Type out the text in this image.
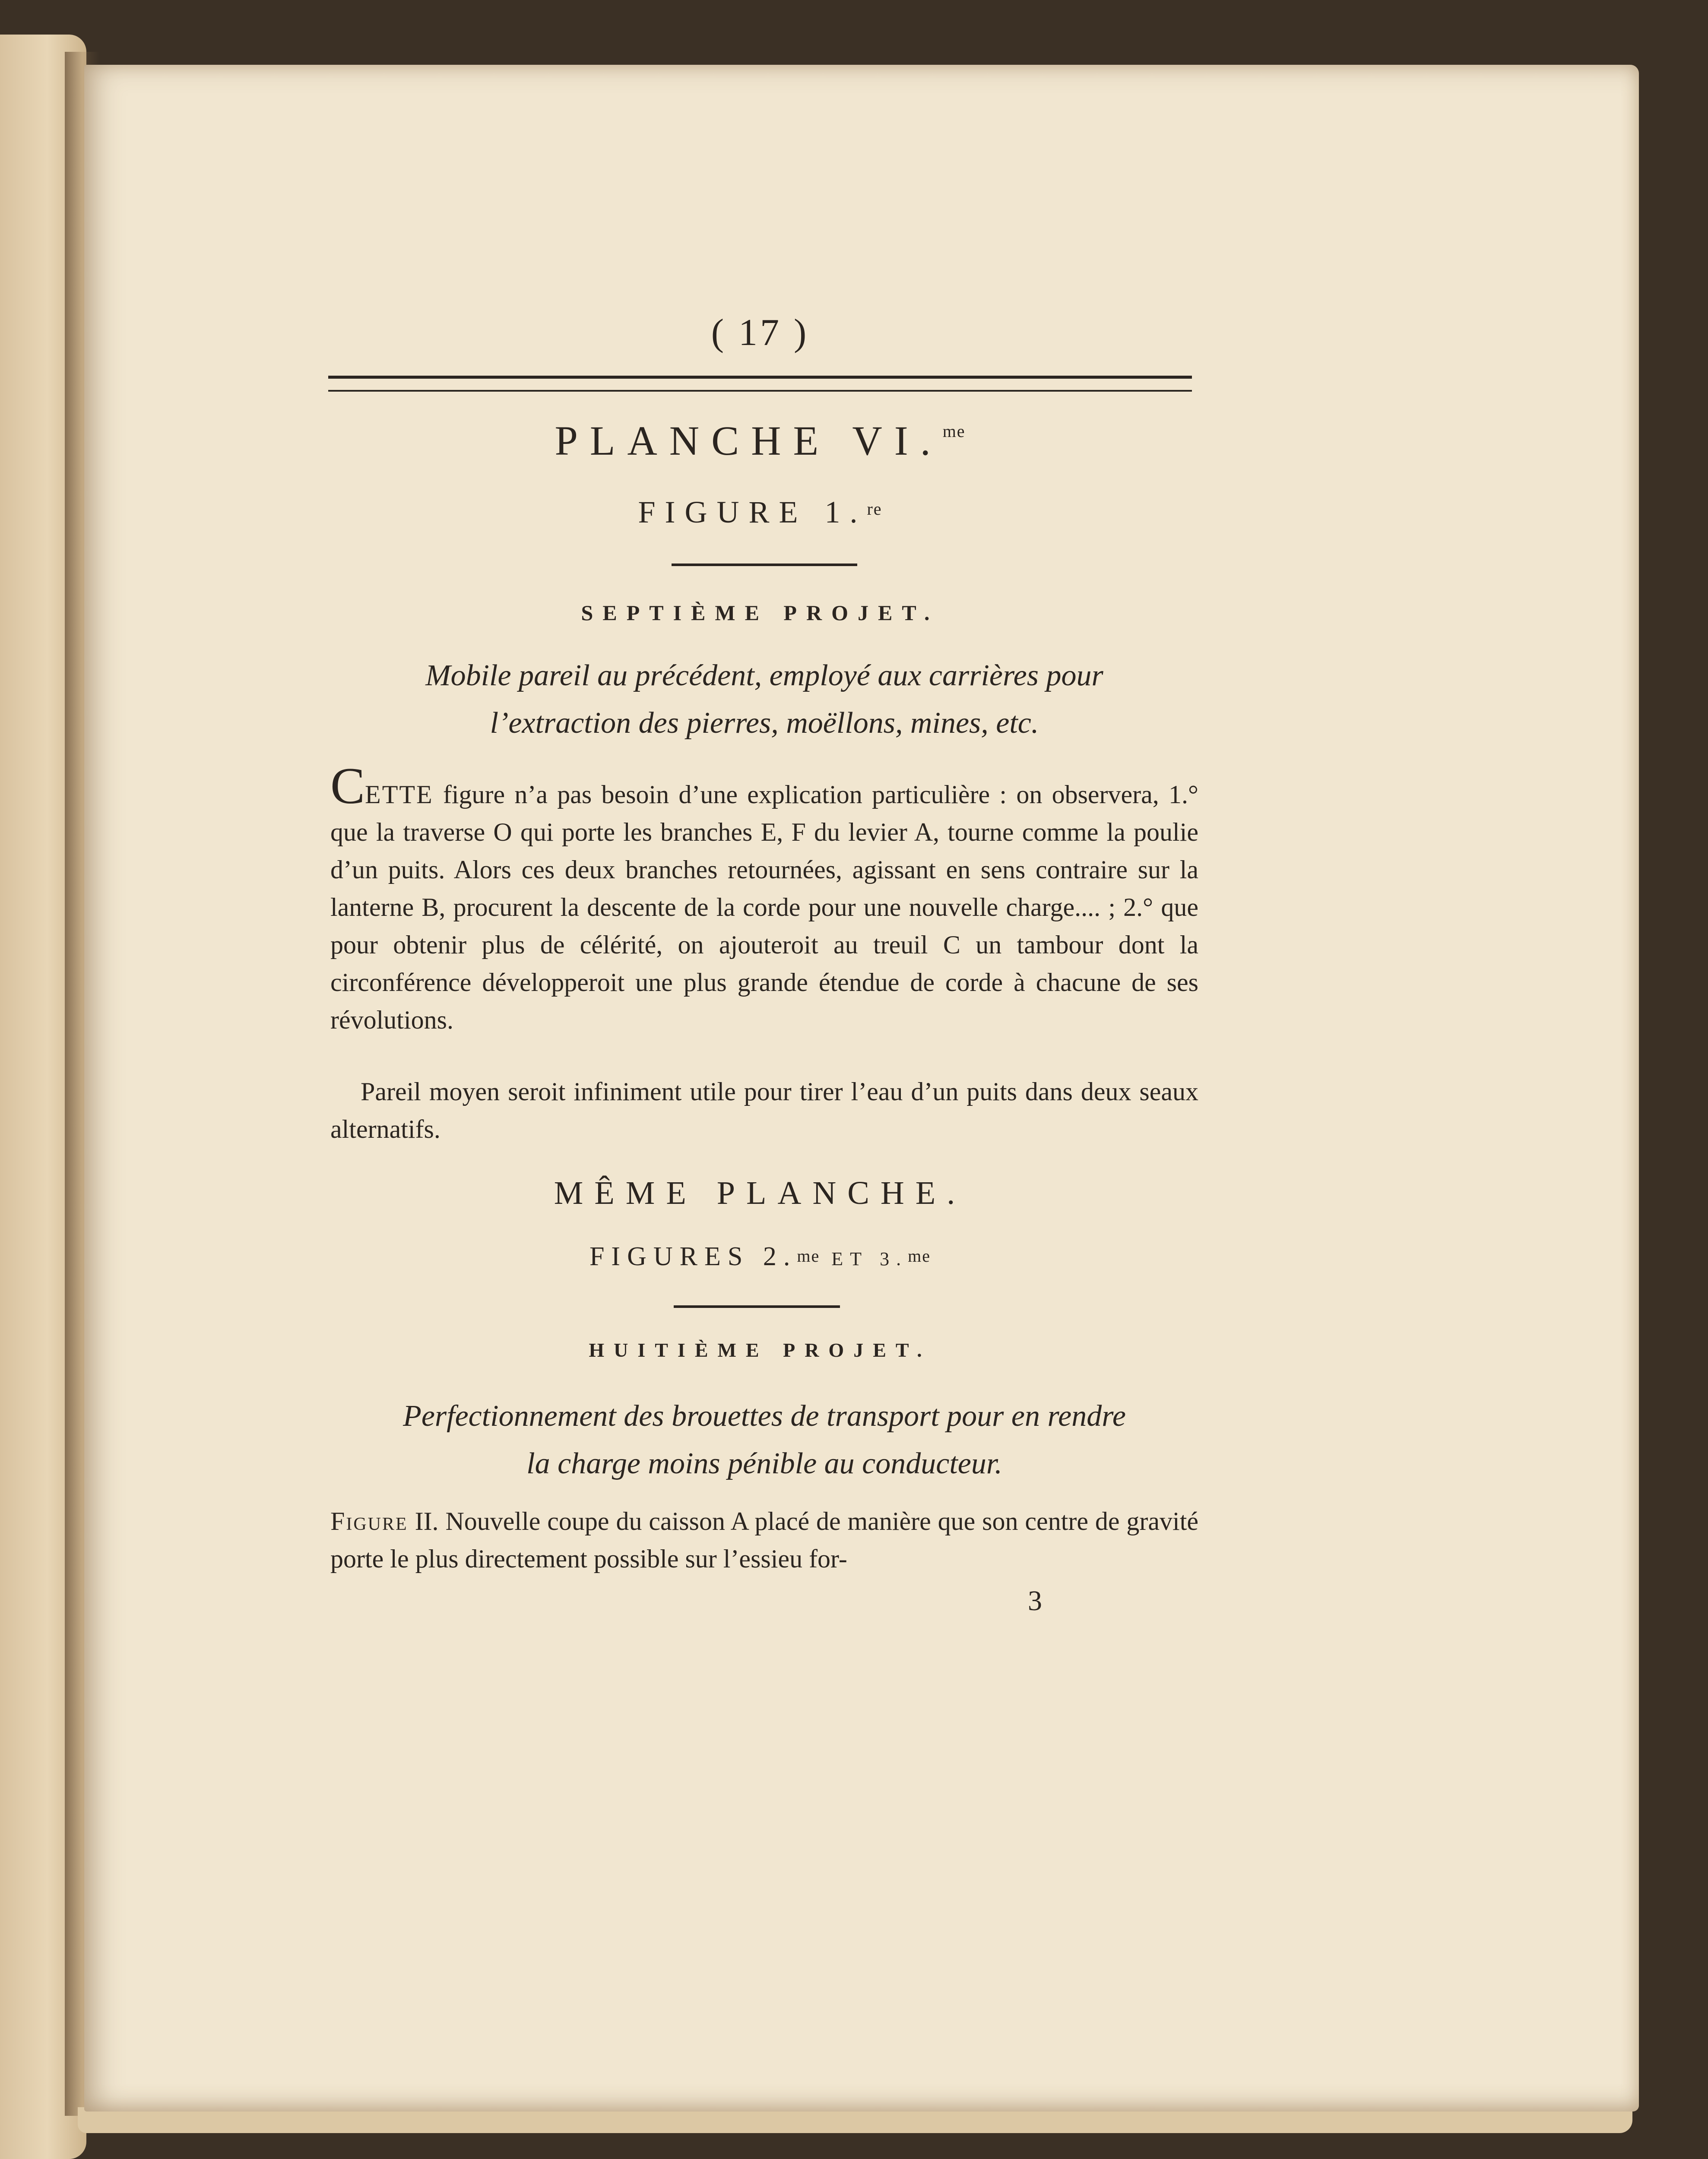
( 17 )
PLANCHE VI.$^{me}$
FIGURE 1.$^{re}$
SEPTIÈME PROJET.
Mobile pareil au précédent, employé aux carrières pour
l’extraction des pierres, moëllons, mines, etc.
CETTE figure n’a pas besoin d’une explication particulière : on observera, 1.° que la traverse O qui porte les branches E, F du levier A, tourne comme la poulie d’un puits. Alors ces deux branches retournées, agissant en sens contraire sur la lanterne B, procurent la descente de la corde pour une nouvelle charge.... ; 2.° que pour obtenir plus de célérité, on ajouteroit au treuil C un tambour dont la circonférence développeroit une plus grande étendue de corde à chacune de ses révolutions.
Pareil moyen seroit infiniment utile pour tirer l’eau d’un puits dans deux seaux alternatifs.
MÊME PLANCHE.
FIGURES 2.$^{me}$ ET 3.$^{me}$
HUITIÈME PROJET.
Perfectionnement des brouettes de transport pour en rendre
la charge moins pénible au conducteur.
Figure II. Nouvelle coupe du caisson A placé de manière que son centre de gravité porte le plus directement possible sur l’essieu for-
3
